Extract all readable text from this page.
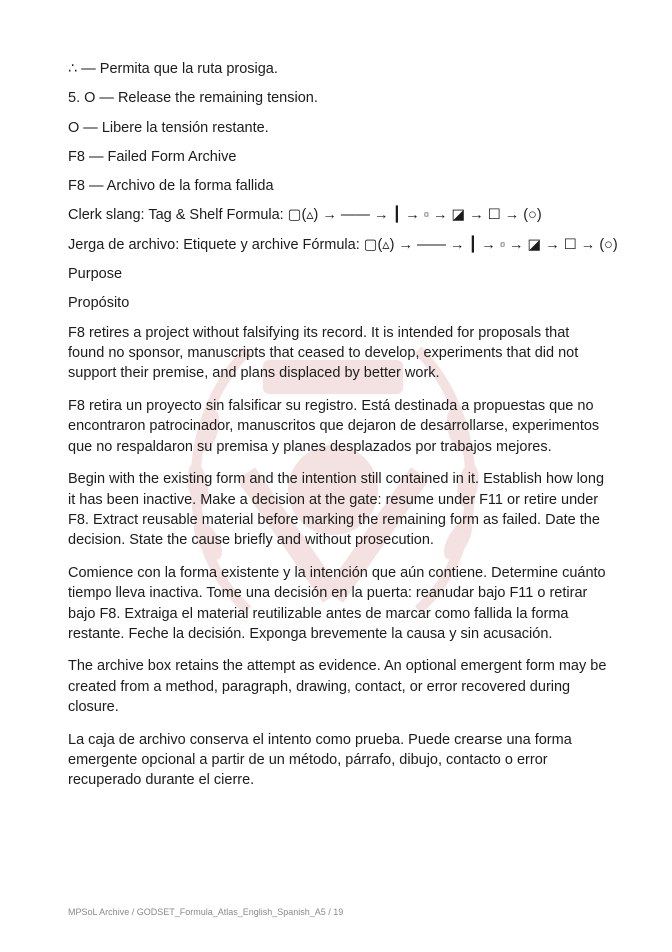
∴ — Permita que la ruta prosiga.
5. O — Release the remaining tension.
O — Libere la tensión restante.
F8 — Failed Form Archive
F8 — Archivo de la forma fallida
Clerk slang: Tag & Shelf Formula: ▢(▵) → —— → ┃ → ▫ → ◪ → ☐ → (○)
Jerga de archivo: Etiquete y archive Fórmula: ▢(▵) → —— → ┃ → ▫ → ◪ → ☐ → (○)
Purpose
Propósito

F8 retires a project without falsifying its record. It is intended for proposals that found no sponsor, manuscripts that ceased to develop, experiments that did not support their premise, and plans displaced by better work.

F8 retira un proyecto sin falsificar su registro. Está destinada a propuestas que no encontraron patrocinador, manuscritos que dejaron de desarrollarse, experimentos que no respaldaron su premisa y planes desplazados por trabajos mejores.

Begin with the existing form and the intention still contained in it. Establish how long it has been inactive. Make a decision at the gate: resume under F11 or retire under F8. Extract reusable material before marking the remaining form as failed. Date the decision. State the cause briefly and without prosecution.

Comience con la forma existente y la intención que aún contiene. Determine cuánto tiempo lleva inactiva. Tome una decisión en la puerta: reanudar bajo F11 o retirar bajo F8. Extraiga el material reutilizable antes de marcar como fallida la forma restante. Feche la decisión. Exponga brevemente la causa y sin acusación.

The archive box retains the attempt as evidence. An optional emergent form may be created from a method, paragraph, drawing, contact, or error recovered during closure.

La caja de archivo conserva el intento como prueba. Puede crearse una forma emergente opcional a partir de un método, párrafo, dibujo, contacto o error recuperado durante el cierre.

MPSoL Archive / GODSET_Formula_Atlas_English_Spanish_A5 / 19
